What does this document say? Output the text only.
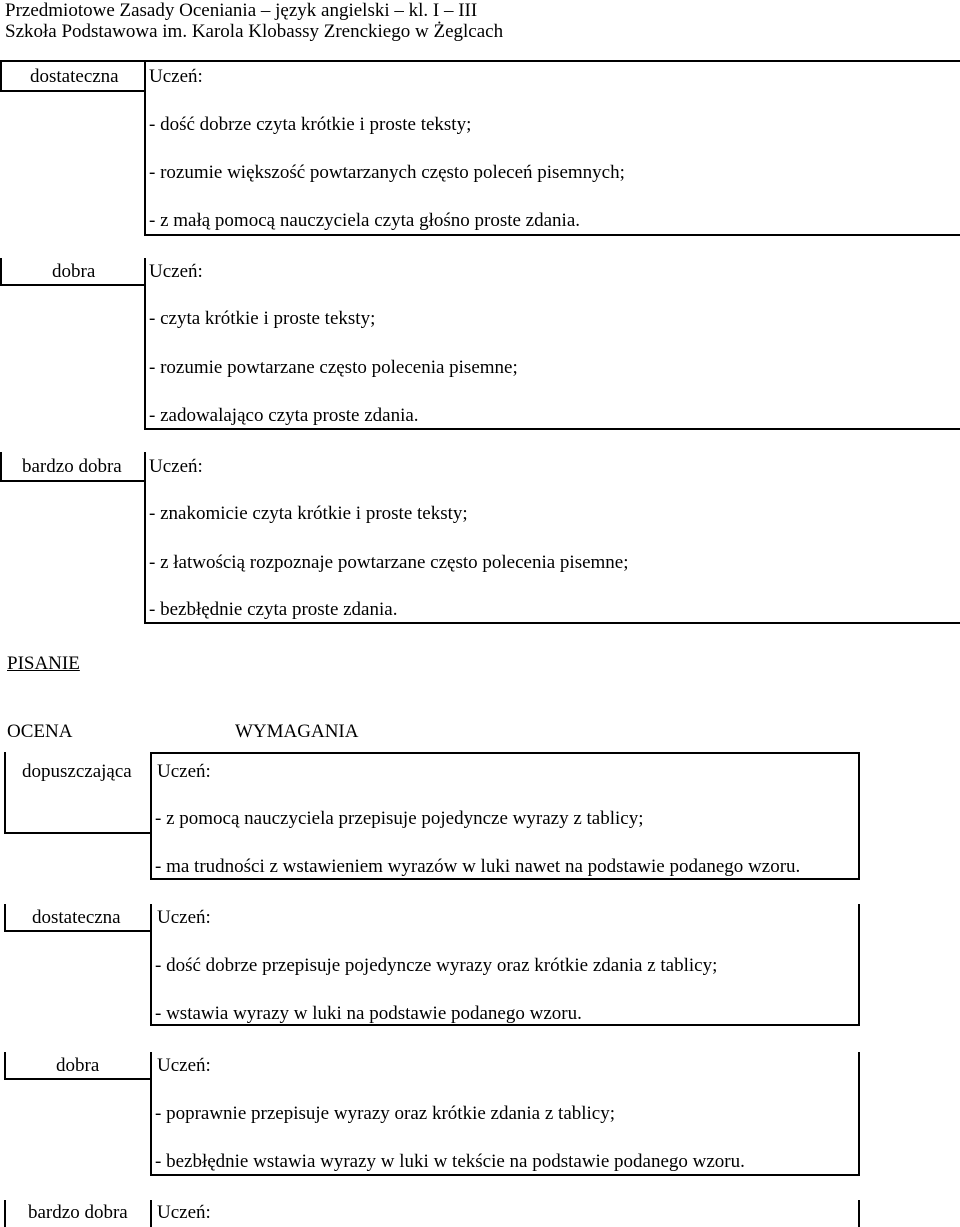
Przedmiotowe Zasady Oceniania – język angielski – kl. I – III
Szkoła Podstawowa im. Karola Klobassy Zrenckiego w Żeglcach
dostateczna Uczeń:
- dość dobrze czyta krótkie i proste teksty;
- rozumie większość powtarzanych często poleceń pisemnych;
- z małą pomocą nauczyciela czyta głośno proste zdania.
dobra	Uczeń:
- czyta krótkie i proste teksty;
- rozumie powtarzane często polecenia pisemne;
- zadowalająco czyta proste zdania.
bardzo dobra Uczeń:
- znakomicie czyta krótkie i proste teksty;
- z łatwością rozpoznaje powtarzane często polecenia pisemne;
- bezbłędnie czyta proste zdania.
PISANIE
OCENA	WYMAGANIA
dopuszczająca Uczeń:
- z pomocą nauczyciela przepisuje pojedyncze wyrazy z tablicy;
- ma trudności z wstawieniem wyrazów w luki nawet na podstawie podanego wzoru.
dostateczna Uczeń:
- dość dobrze przepisuje pojedyncze wyrazy oraz krótkie zdania z tablicy;
- wstawia wyrazy w luki na podstawie podanego wzoru.
dobra	Uczeń:
- poprawnie przepisuje wyrazy oraz krótkie zdania z tablicy;
- bezbłędnie wstawia wyrazy w luki w tekście na podstawie podanego wzoru.
bardzo dobra Uczeń:
